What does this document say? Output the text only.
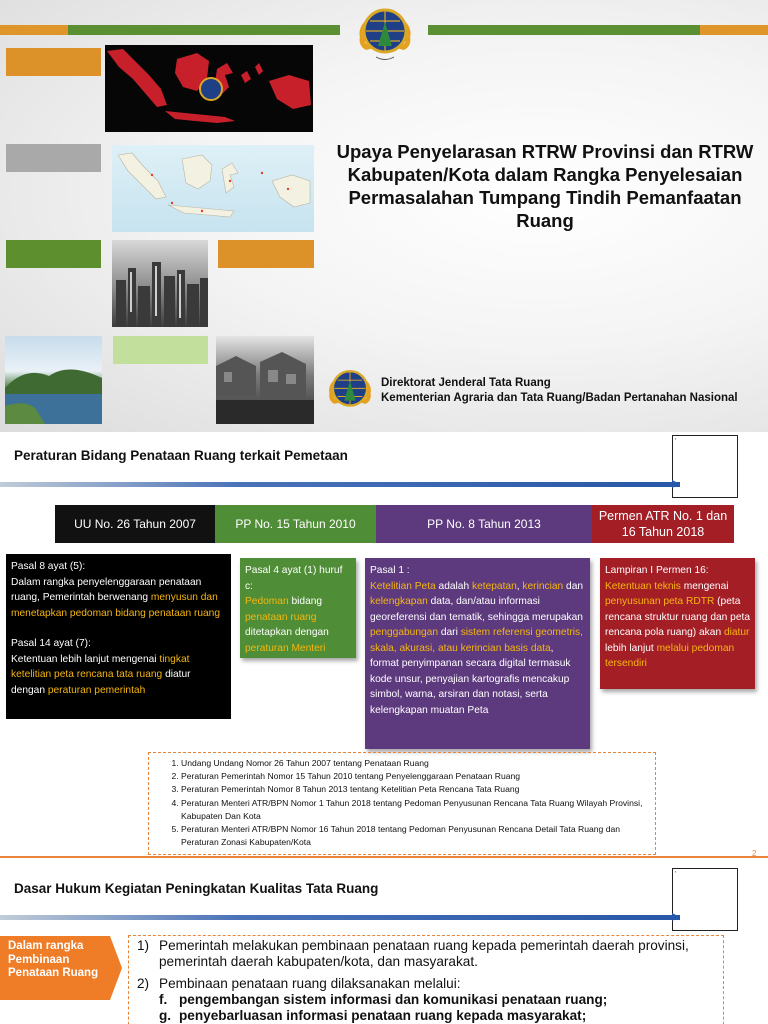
Upaya Penyelarasan RTRW Provinsi dan RTRW Kabupaten/Kota dalam Rangka Penyelesaian Permasalahan Tumpang Tindih Pemanfaatan Ruang
Direktorat Jenderal Tata Ruang
Kementerian Agraria dan Tata Ruang/Badan Pertanahan Nasional
Peraturan Bidang Penataan Ruang terkait Pemetaan
▪
UU No. 26 Tahun 2007	PP No. 15 Tahun 2010	PP No. 8 Tahun 2013
Permen ATR No. 1 dan 16 Tahun 2018
Pasal 8 ayat (5):
Dalam rangka penyelenggaraan penataan ruang, Pemerintah berwenang menyusun dan menetapkan pedoman bidang penataan ruang
Pasal 14 ayat (7):
Ketentuan lebih lanjut mengenai tingkat ketelitian peta rencana tata ruang diatur dengan peraturan pemerintah
Pasal 4 ayat (1) huruf c:
Pedoman bidang penataan ruang ditetapkan dengan peraturan Menteri
Pasal 1 :
Ketelitian Peta adalah ketepatan, kerincian dan kelengkapan data, dan/atau informasi georeferensi dan tematik, sehingga merupakan penggabungan dari sistem referensi geometris, skala, akurasi, atau kerincian basis data, format penyimpanan secara digital termasuk kode unsur, penyajian kartografis mencakup simbol, warna, arsiran dan notasi, serta kelengkapan muatan Peta
Lampiran I Permen 16:
Ketentuan teknis mengenai penyusunan peta RDTR (peta rencana struktur ruang dan peta rencana pola ruang) akan diatur lebih lanjut melalui pedoman tersendiri
1. Undang Undang Nomor 26 Tahun 2007 tentang Penataan Ruang
2. Peraturan Pemerintah Nomor 15 Tahun 2010 tentang Penyelenggaraan Penataan Ruang
3. Peraturan Pemerintah Nomor 8 Tahun 2013 tentang Ketelitian Peta Rencana Tata Ruang
4. Peraturan Menteri ATR/BPN Nomor 1 Tahun 2018 tentang Pedoman Penyusunan Rencana Tata Ruang Wilayah Provinsi, Kabupaten Dan Kota
5. Peraturan Menteri ATR/BPN Nomor 16 Tahun 2018 tentang Pedoman Penyusunan Rencana Detail Tata Ruang dan Peraturan Zonasi Kabupaten/Kota
2
Dasar Hukum Kegiatan Peningkatan Kualitas Tata Ruang
▪
Dalam rangka Pembinaan Penataan Ruang
1) Pemerintah melakukan pembinaan penataan ruang kepada pemerintah daerah provinsi, pemerintah daerah kabupaten/kota, dan masyarakat.
2) Pembinaan penataan ruang dilaksanakan melalui:
f. pengembangan sistem informasi dan komunikasi penataan ruang;
g. penyebarluasan informasi penataan ruang kepada masyarakat;
